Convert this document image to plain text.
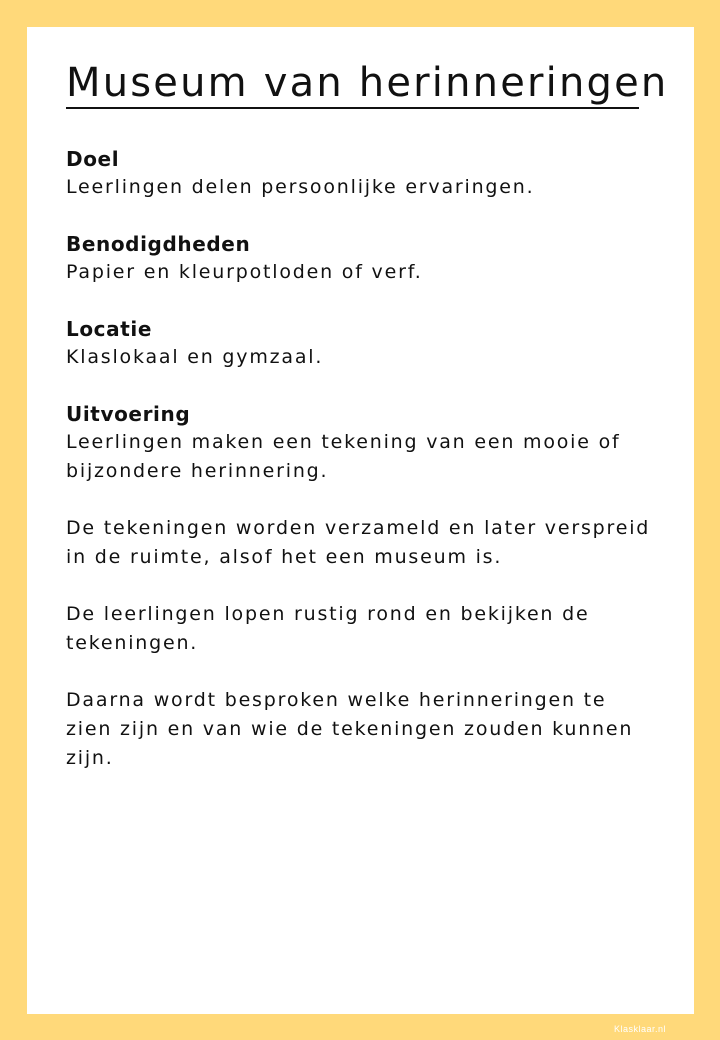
Museum van herinneringen

Doel

Leerlingen delen persoonlijke ervaringen.

Benodigdheden

Papier en kleurpotloden of verf.

Locatie

Klaslokaal en gymzaal.

Uitvoering

Leerlingen maken een tekening van een mooie of

bijzondere herinnering.

De tekeningen worden verzameld en later verspreid

in de ruimte, alsof het een museum is.

De leerlingen lopen rustig rond en bekijken de

tekeningen.

Daarna wordt besproken welke herinneringen te

zien zijn en van wie de tekeningen zouden kunnen

zijn.

Klasklaar.nl
